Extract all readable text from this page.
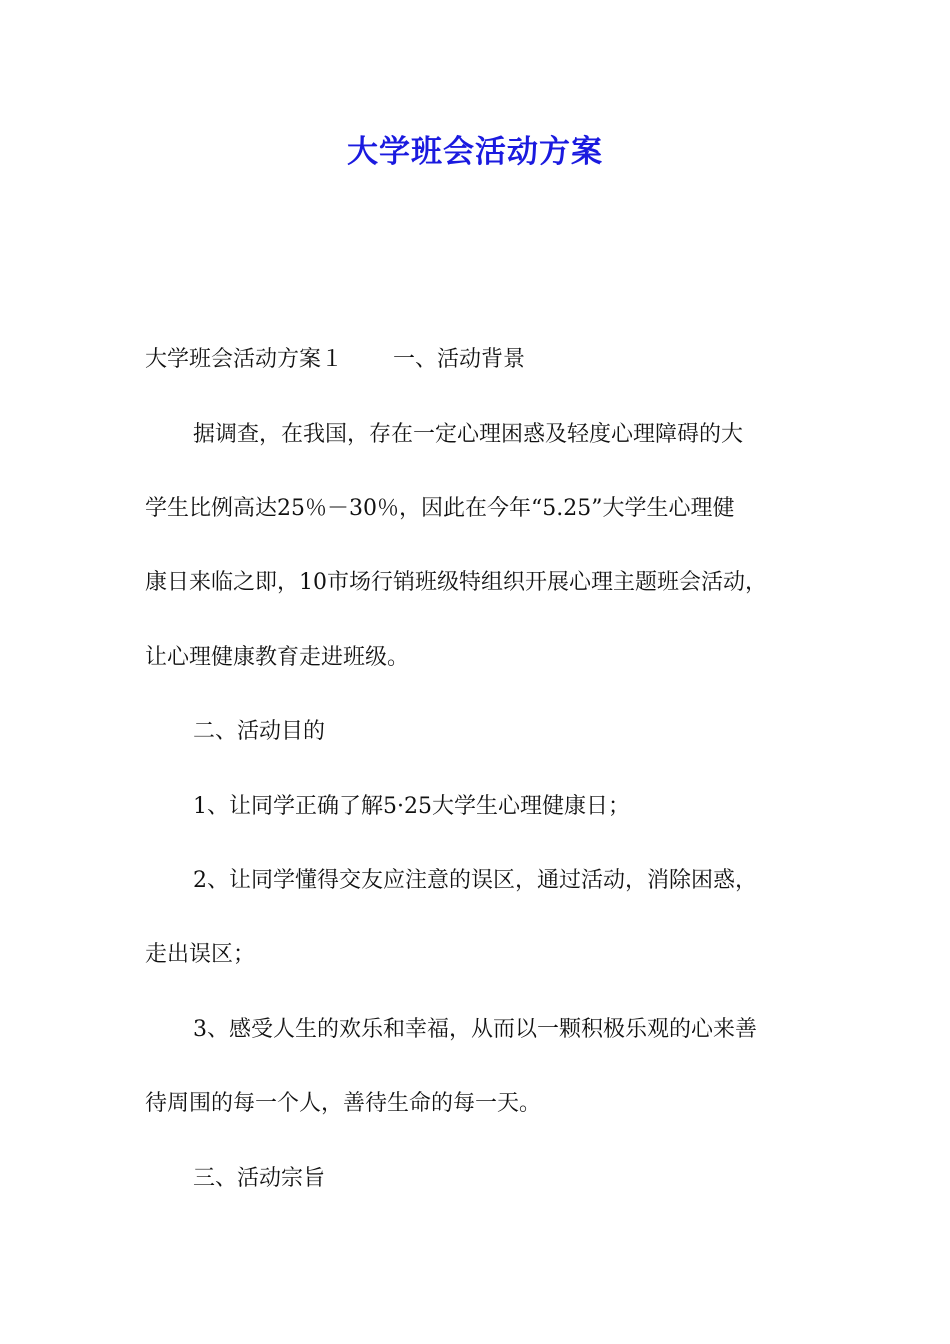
大学班会活动方案
大学班会活动方案１ 一、活动背景
据调查，在我国，存在一定心理困惑及轻度心理障碍的大
学生比例高达25％－30％，因此在今年“5.25”大学生心理健
康日来临之即，10市场行销班级特组织开展心理主题班会活动，
让心理健康教育走进班级。
二、活动目的
1、让同学正确了解5·25大学生心理健康日；
2、让同学懂得交友应注意的误区，通过活动，消除困惑，
走出误区；
3、感受人生的欢乐和幸福，从而以一颗积极乐观的心来善
待周围的每一个人，善待生命的每一天。
三、活动宗旨
